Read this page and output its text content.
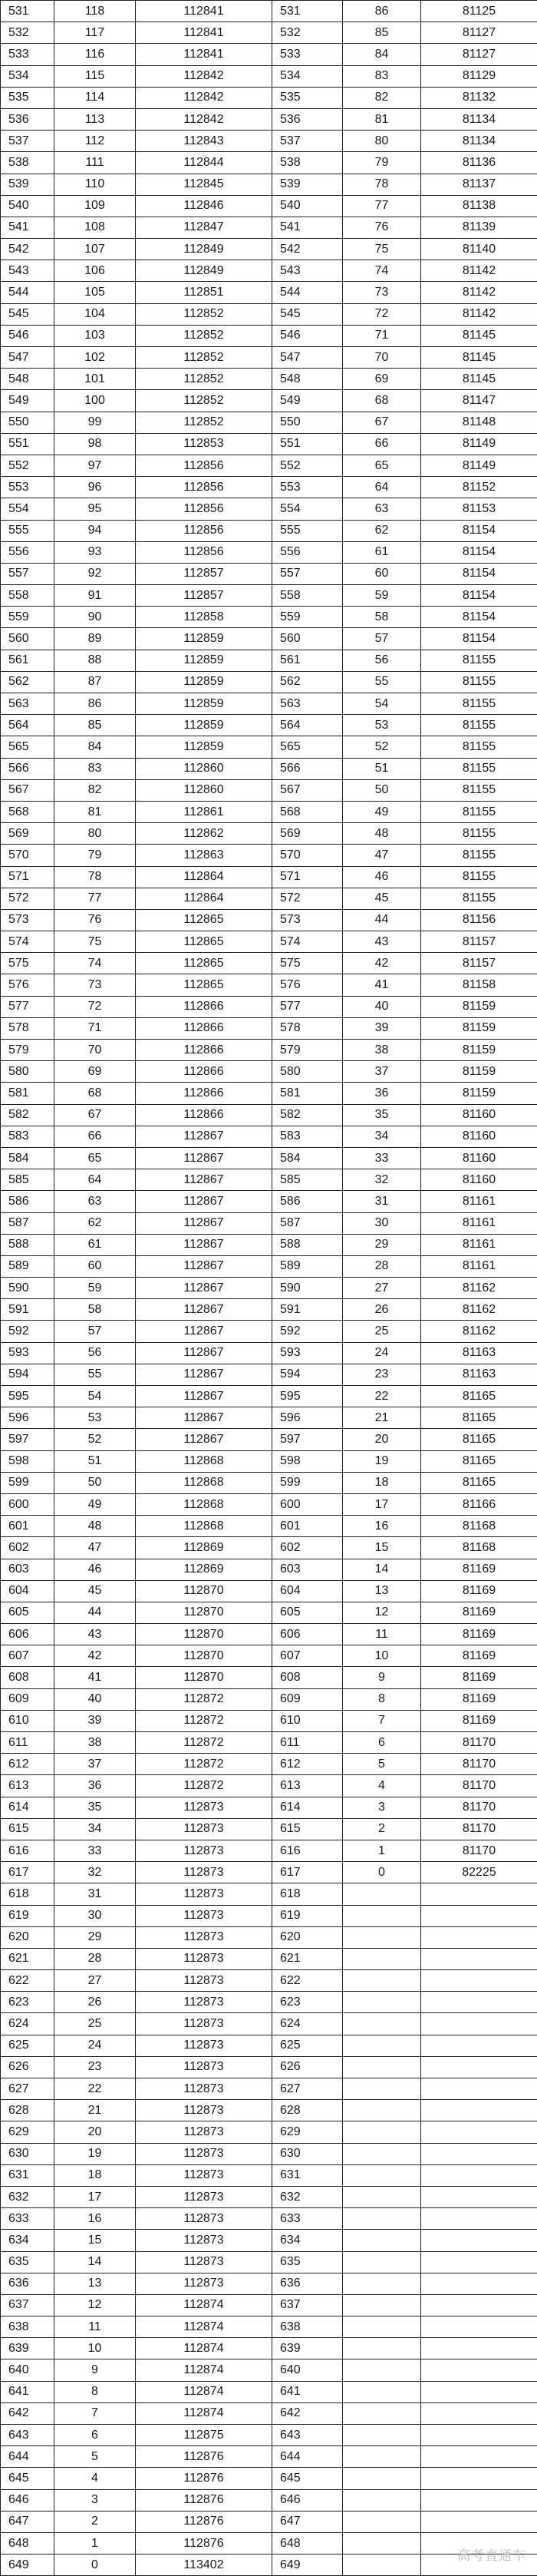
531	118	112841	531	86	81125
532	117	112841	532	85	81127
533	116	112841	533	84	81127
534	115	112842	534	83	81129
535	114	112842	535	82	81132
536	113	112842	536	81	81134
537	112	112843	537	80	81134
538	111	112844	538	79	81136
539	110	112845	539	78	81137
540	109	112846	540	77	81138
541	108	112847	541	76	81139
542	107	112849	542	75	81140
543	106	112849	543	74	81142
544	105	112851	544	73	81142
545	104	112852	545	72	81142
546	103	112852	546	71	81145
547	102	112852	547	70	81145
548	101	112852	548	69	81145
549	100	112852	549	68	81147
550	99	112852	550	67	81148
551	98	112853	551	66	81149
552	97	112856	552	65	81149
553	96	112856	553	64	81152
554	95	112856	554	63	81153
555	94	112856	555	62	81154
556	93	112856	556	61	81154
557	92	112857	557	60	81154
558	91	112857	558	59	81154
559	90	112858	559	58	81154
560	89	112859	560	57	81154
561	88	112859	561	56	81155
562	87	112859	562	55	81155
563	86	112859	563	54	81155
564	85	112859	564	53	81155
565	84	112859	565	52	81155
566	83	112860	566	51	81155
567	82	112860	567	50	81155
568	81	112861	568	49	81155
569	80	112862	569	48	81155
570	79	112863	570	47	81155
571	78	112864	571	46	81155
572	77	112864	572	45	81155
573	76	112865	573	44	81156
574	75	112865	574	43	81157
575	74	112865	575	42	81157
576	73	112865	576	41	81158
577	72	112866	577	40	81159
578	71	112866	578	39	81159
579	70	112866	579	38	81159
580	69	112866	580	37	81159
581	68	112866	581	36	81159
582	67	112866	582	35	81160
583	66	112867	583	34	81160
584	65	112867	584	33	81160
585	64	112867	585	32	81160
586	63	112867	586	31	81161
587	62	112867	587	30	81161
588	61	112867	588	29	81161
589	60	112867	589	28	81161
590	59	112867	590	27	81162
591	58	112867	591	26	81162
592	57	112867	592	25	81162
593	56	112867	593	24	81163
594	55	112867	594	23	81163
595	54	112867	595	22	81165
596	53	112867	596	21	81165
597	52	112867	597	20	81165
598	51	112868	598	19	81165
599	50	112868	599	18	81165
600	49	112868	600	17	81166
601	48	112868	601	16	81168
602	47	112869	602	15	81168
603	46	112869	603	14	81169
604	45	112870	604	13	81169
605	44	112870	605	12	81169
606	43	112870	606	11	81169
607	42	112870	607	10	81169
608	41	112870	608	9	81169
609	40	112872	609	8	81169
610	39	112872	610	7	81169
611	38	112872	611	6	81170
612	37	112872	612	5	81170
613	36	112872	613	4	81170
614	35	112873	614	3	81170
615	34	112873	615	2	81170
616	33	112873	616	1	81170
617	32	112873	617	0	82225
618	31	112873	618		
619	30	112873	619		
620	29	112873	620		
621	28	112873	621		
622	27	112873	622		
623	26	112873	623		
624	25	112873	624		
625	24	112873	625		
626	23	112873	626		
627	22	112873	627		
628	21	112873	628		
629	20	112873	629		
630	19	112873	630		
631	18	112873	631		
632	17	112873	632		
633	16	112873	633		
634	15	112873	634		
635	14	112873	635		
636	13	112873	636		
637	12	112874	637		
638	11	112874	638		
639	10	112874	639		
640	9	112874	640		
641	8	112874	641		
642	7	112874	642		
643	6	112875	643		
644	5	112876	644		
645	4	112876	645		
646	3	112876	646		
647	2	112876	647		
648	1	112876	648		
649	0	113402	649		
高考直通车
